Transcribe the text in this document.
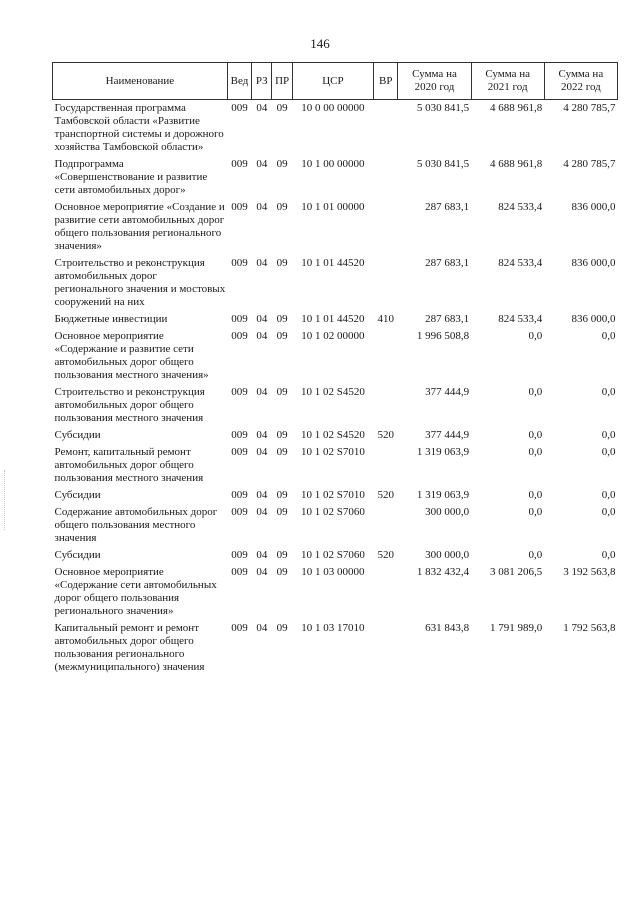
146
Наименование	Вед	РЗ	ПР	ЦСР	ВР	Сумма на 2020 год	Сумма на 2021 год	Сумма на 2022 год
Государственная программа Тамбовской области «Развитие транспортной системы и дорожного хозяйства Тамбовской области»	009	04	09	10 0 00 00000		5 030 841,5	4 688 961,8	4 280 785,7
Подпрограмма «Совершенствование и развитие сети автомобильных дорог»	009	04	09	10 1 00 00000		5 030 841,5	4 688 961,8	4 280 785,7
Основное мероприятие «Создание и развитие сети автомобильных дорог общего пользования регионального значения»	009	04	09	10 1 01 00000		287 683,1	824 533,4	836 000,0
Строительство и реконструкция автомобильных дорог регионального значения и мостовых сооружений на них	009	04	09	10 1 01 44520		287 683,1	824 533,4	836 000,0
Бюджетные инвестиции	009	04	09	10 1 01 44520	410	287 683,1	824 533,4	836 000,0
Основное мероприятие «Содержание и развитие сети автомобильных дорог общего пользования местного значения»	009	04	09	10 1 02 00000		1 996 508,8	0,0	0,0
Строительство и реконструкция автомобильных дорог общего пользования местного значения	009	04	09	10 1 02 S4520		377 444,9	0,0	0,0
Субсидии	009	04	09	10 1 02 S4520	520	377 444,9	0,0	0,0
Ремонт, капитальный ремонт автомобильных дорог общего пользования местного значения	009	04	09	10 1 02 S7010		1 319 063,9	0,0	0,0
Субсидии	009	04	09	10 1 02 S7010	520	1 319 063,9	0,0	0,0
Содержание автомобильных дорог общего пользования местного значения	009	04	09	10 1 02 S7060		300 000,0	0,0	0,0
Субсидии	009	04	09	10 1 02 S7060	520	300 000,0	0,0	0,0
Основное мероприятие «Содержание сети автомобильных дорог общего пользования регионального значения»	009	04	09	10 1 03 00000		1 832 432,4	3 081 206,5	3 192 563,8
Капитальный ремонт и ремонт автомобильных дорог общего пользования регионального (межмуниципального) значения	009	04	09	10 1 03 17010		631 843,8	1 791 989,0	1 792 563,8
